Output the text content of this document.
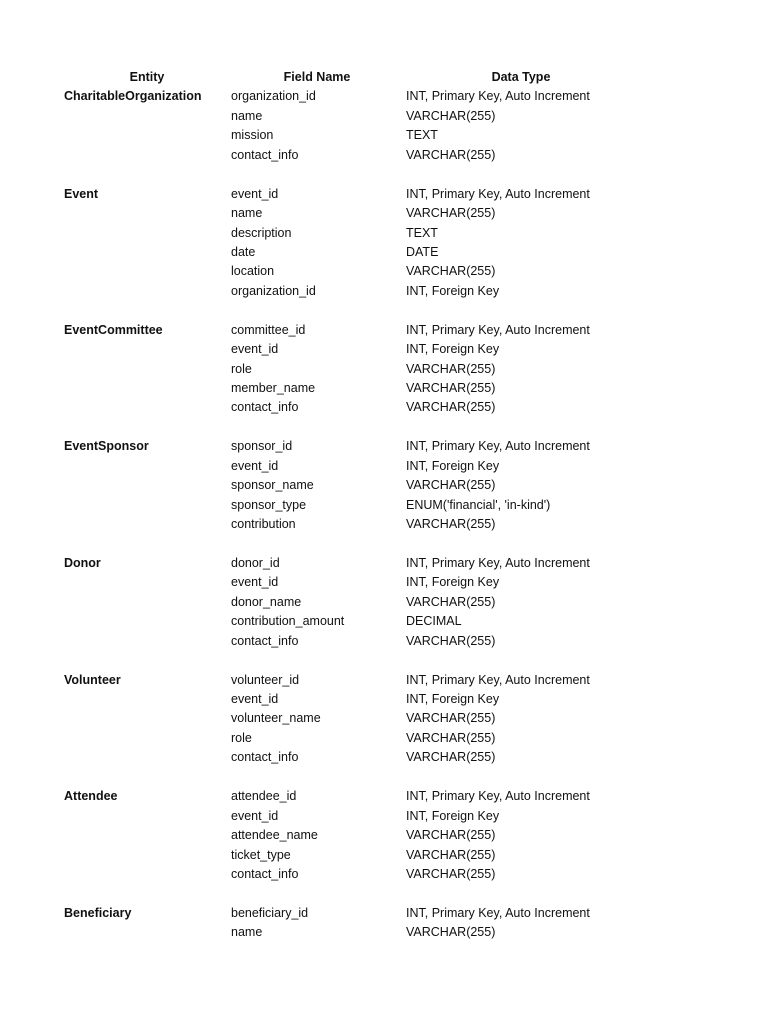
Entity	Field Name	Data Type
CharitableOrganization	organization_id	INT, Primary Key, Auto Increment
name	VARCHAR(255)
mission	TEXT
contact_info	VARCHAR(255)
Event	event_id	INT, Primary Key, Auto Increment
name	VARCHAR(255)
description	TEXT
date	DATE
location	VARCHAR(255)
organization_id	INT, Foreign Key
EventCommittee	committee_id	INT, Primary Key, Auto Increment
event_id	INT, Foreign Key
role	VARCHAR(255)
member_name	VARCHAR(255)
contact_info	VARCHAR(255)
EventSponsor	sponsor_id	INT, Primary Key, Auto Increment
event_id	INT, Foreign Key
sponsor_name	VARCHAR(255)
sponsor_type	ENUM('financial', 'in-kind')
contribution	VARCHAR(255)
Donor	donor_id	INT, Primary Key, Auto Increment
event_id	INT, Foreign Key
donor_name	VARCHAR(255)
contribution_amount	DECIMAL
contact_info	VARCHAR(255)
Volunteer	volunteer_id	INT, Primary Key, Auto Increment
event_id	INT, Foreign Key
volunteer_name	VARCHAR(255)
role	VARCHAR(255)
contact_info	VARCHAR(255)
Attendee	attendee_id	INT, Primary Key, Auto Increment
event_id	INT, Foreign Key
attendee_name	VARCHAR(255)
ticket_type	VARCHAR(255)
contact_info	VARCHAR(255)
Beneficiary	beneficiary_id	INT, Primary Key, Auto Increment
name	VARCHAR(255)
